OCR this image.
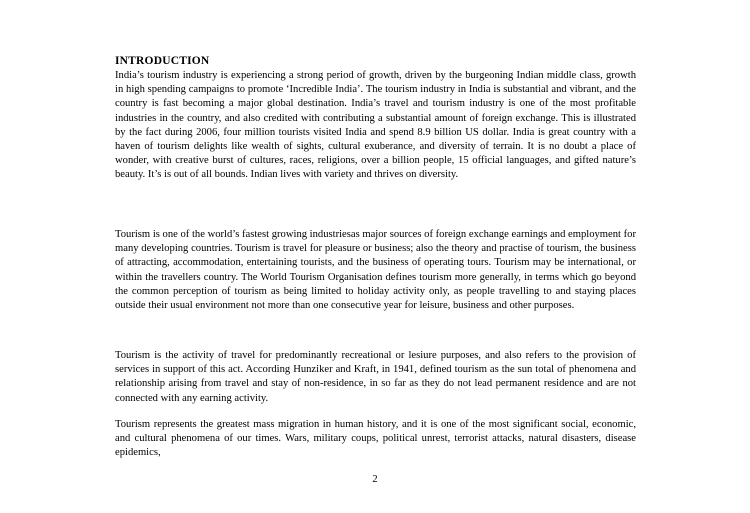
INTRODUCTION

India’s tourism industry is experiencing a strong period of growth, driven by the burgeoning Indian middle class, growth in high spending campaigns to promote ‘Incredible India’. The tourism industry in India is substantial and vibrant, and the country is fast becoming a major global destination. India’s travel and tourism industry is one of the most profitable industries in the country, and also credited with contributing a substantial amount of foreign exchange. This is illustrated by the fact during 2006, four million tourists visited India and spend 8.9 billion US dollar. India is great country with a haven of tourism delights like wealth of sights, cultural exuberance, and diversity of terrain. It is no doubt a place of wonder, with creative burst of cultures, races, religions, over a billion people, 15 official languages, and gifted nature’s beauty. It’s is out of all bounds. Indian lives with variety and thrives on diversity.

Tourism is one of the world’s fastest growing industriesas major sources of foreign exchange earnings and employment for many developing countries. Tourism is travel for pleasure or business; also the theory and practise of tourism, the business of attracting, accommodation, entertaining tourists, and the business of operating tours. Tourism may be international, or within the travellers country. The World Tourism Organisation defines tourism more generally, in terms which go beyond the common perception of tourism as being limited to holiday activity only, as people travelling to and staying places outside their usual environment not more than one consecutive year for leisure, business and other purposes.

Tourism is the activity of travel for predominantly recreational or lesiure purposes, and also refers to the provision of services in support of this act. According Hunziker and Kraft, in 1941, defined tourism as the sun total of phenomena and relationship arising from travel and stay of non-residence, in so far as they do not lead permanent residence and are not connected with any earning activity.

Tourism represents the greatest mass migration in human history, and it is one of the most significant social, economic, and cultural phenomena of our times. Wars, military coups, political unrest, terrorist attacks, natural disasters, disease epidemics,

2
